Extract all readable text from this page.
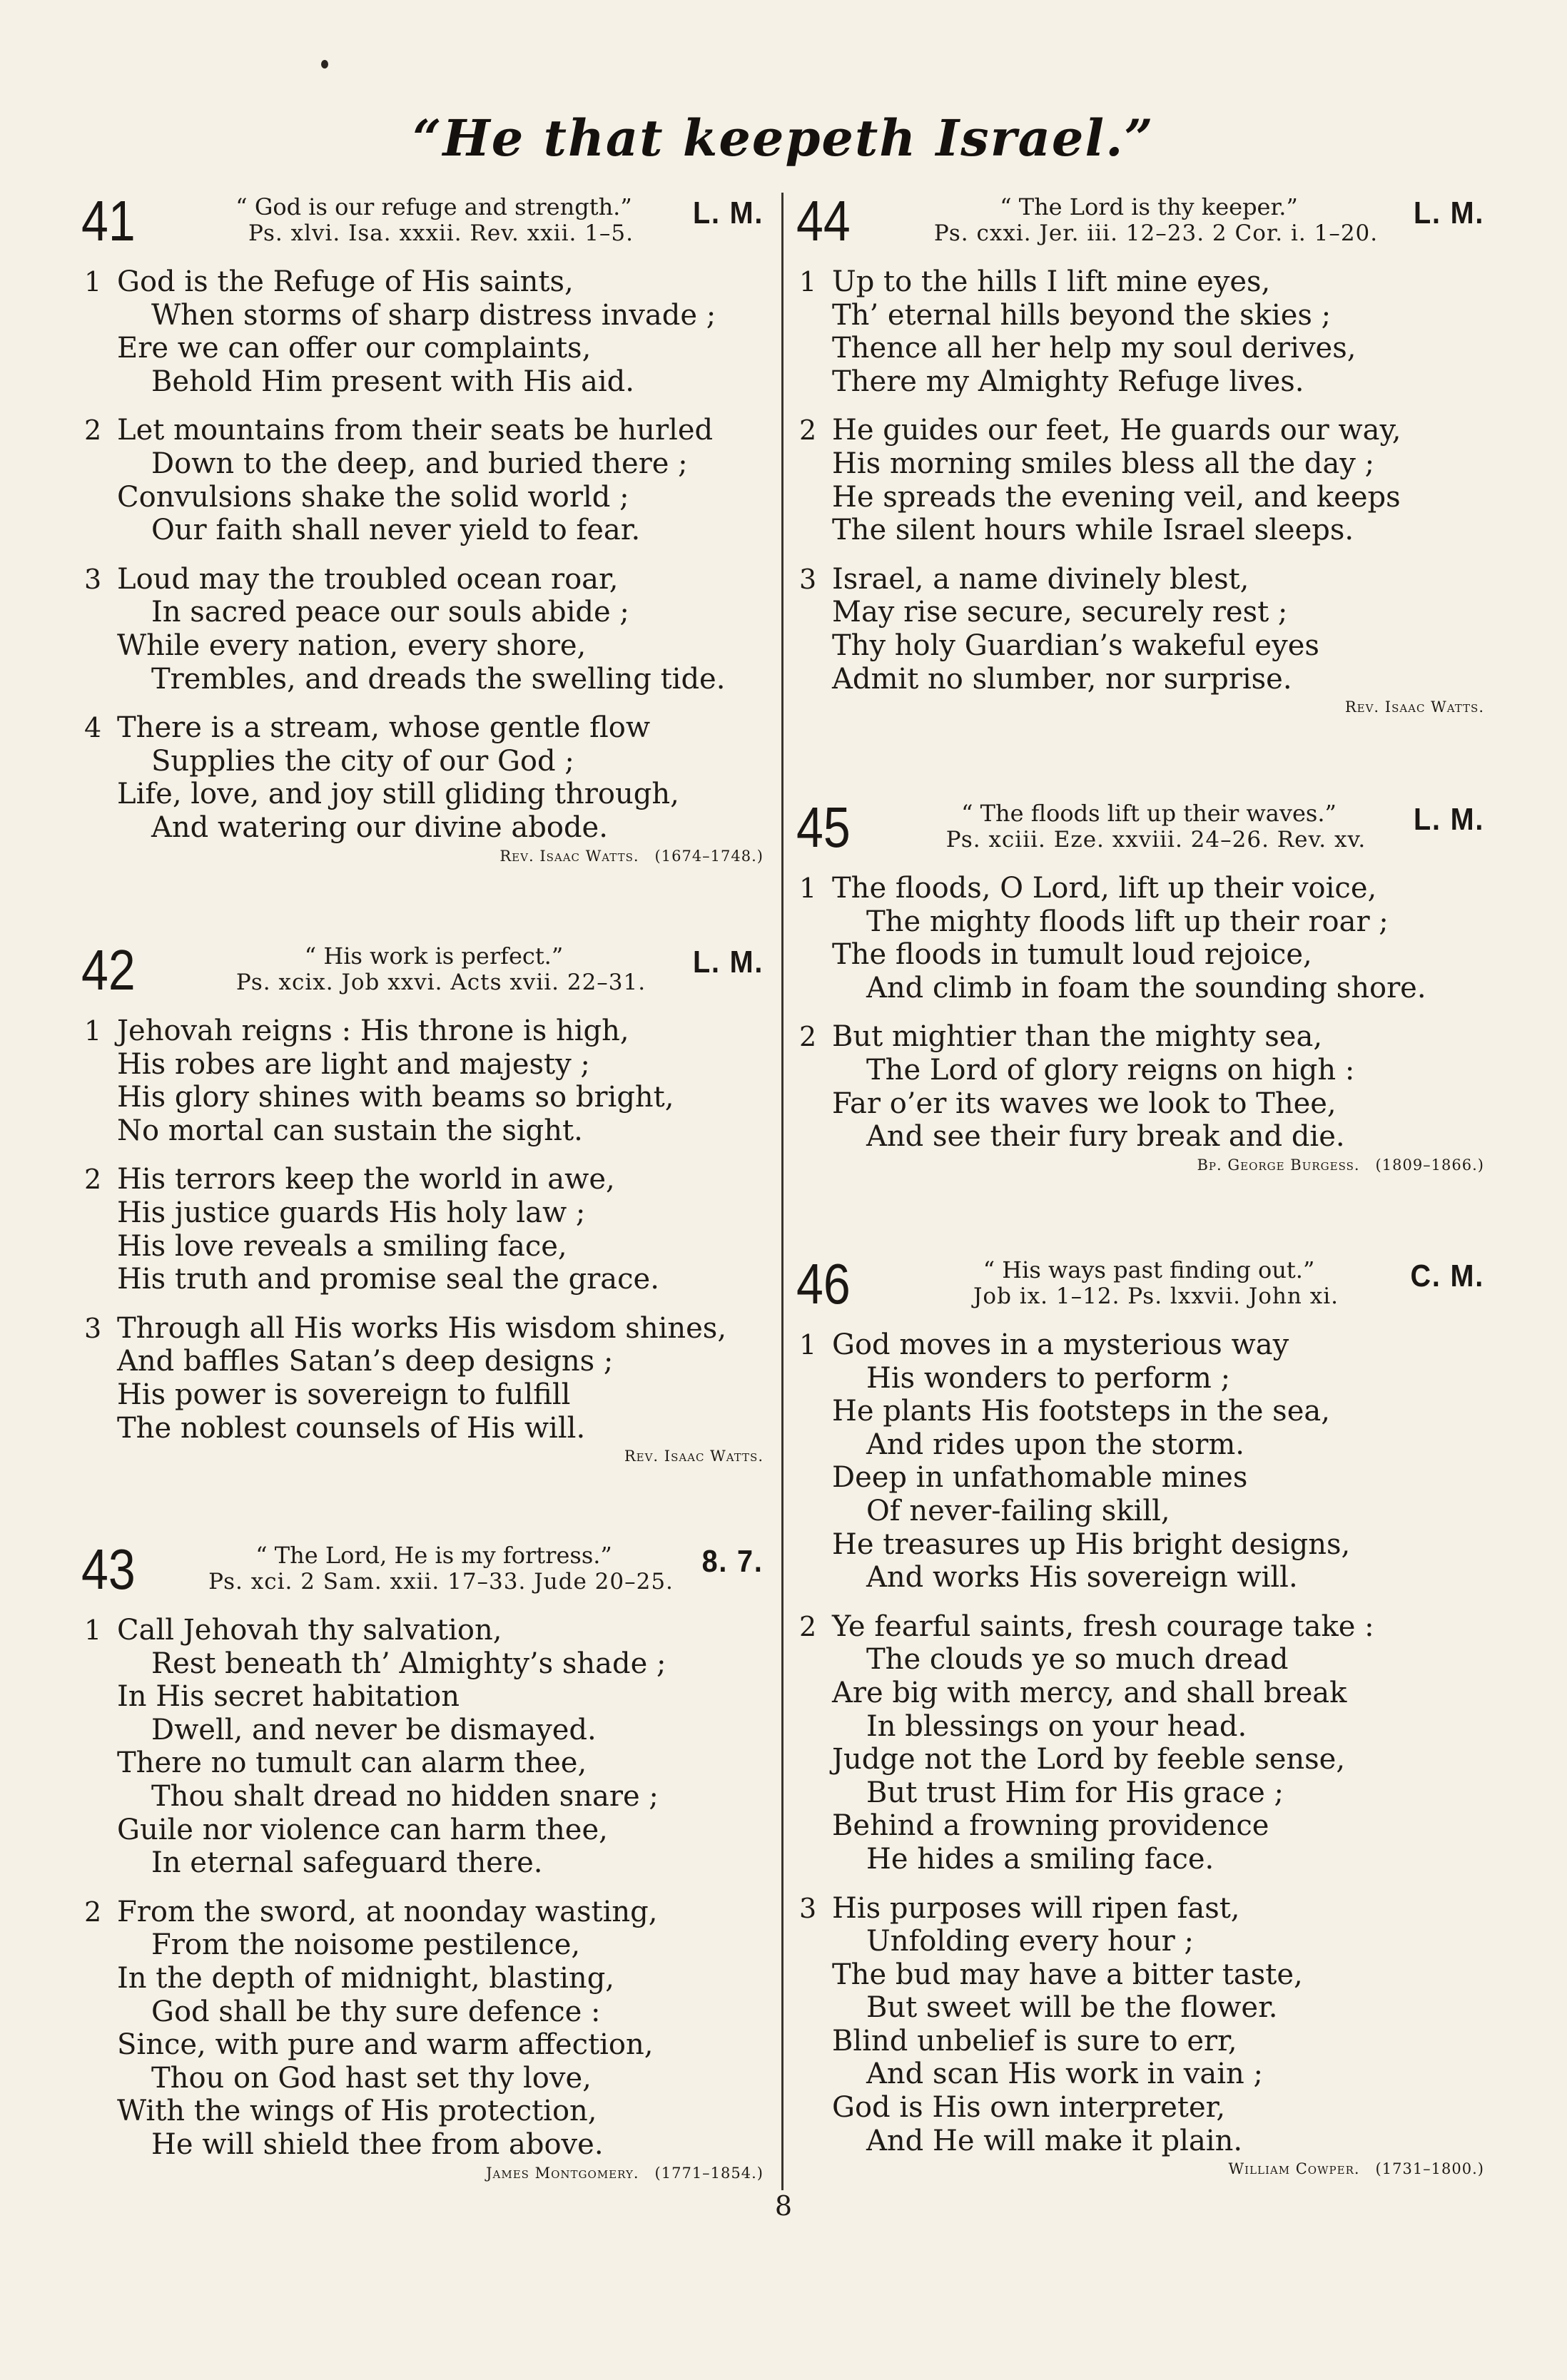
“He that keepeth Israel.”
41	“ God is our refuge and strength.”
Ps. xlvi. Isa. xxxii. Rev. xxii. 1–5.
L. M.
1 God is the Refuge of His saints,
When storms of sharp distress invade ;
Ere we can offer our complaints,
Behold Him present with His aid.
2 Let mountains from their seats be hurled
Down to the deep, and buried there ;
Convulsions shake the solid world ;
Our faith shall never yield to fear.
3 Loud may the troubled ocean roar,
In sacred peace our souls abide ;
While every nation, every shore,
Trembles, and dreads the swelling tide.
4 There is a stream, whose gentle flow
Supplies the city of our God ;
Life, love, and joy still gliding through,
And watering our divine abode.
Rev. Isaac Watts. (1674–1748.)
42	“ His work is perfect.”
Ps. xcix. Job xxvi. Acts xvii. 22–31.
L. M.
1 Jehovah reigns : His throne is high,
His robes are light and majesty ;
His glory shines with beams so bright,
No mortal can sustain the sight.
2 His terrors keep the world in awe,
His justice guards His holy law ;
His love reveals a smiling face,
His truth and promise seal the grace.
3 Through all His works His wisdom shines,
And baffles Satan’s deep designs ;
His power is sovereign to fulfill
The noblest counsels of His will.
Rev. Isaac Watts.
43	“ The Lord, He is my fortress.”
Ps. xci. 2 Sam. xxii. 17–33. Jude 20–25.
8. 7.
1 Call Jehovah thy salvation,
Rest beneath th’ Almighty’s shade ;
In His secret habitation
Dwell, and never be dismayed.
There no tumult can alarm thee,
Thou shalt dread no hidden snare ;
Guile nor violence can harm thee,
In eternal safeguard there.
2 From the sword, at noonday wasting,
From the noisome pestilence,
In the depth of midnight, blasting,
God shall be thy sure defence :
Since, with pure and warm affection,
Thou on God hast set thy love,
With the wings of His protection,
He will shield thee from above.
James Montgomery. (1771–1854.)
44	“ The Lord is thy keeper.”
Ps. cxxi. Jer. iii. 12–23. 2 Cor. i. 1–20.
L. M.
1 Up to the hills I lift mine eyes,
Th’ eternal hills beyond the skies ;
Thence all her help my soul derives,
There my Almighty Refuge lives.
2 He guides our feet, He guards our way,
His morning smiles bless all the day ;
He spreads the evening veil, and keeps
The silent hours while Israel sleeps.
3 Israel, a name divinely blest,
May rise secure, securely rest ;
Thy holy Guardian’s wakeful eyes
Admit no slumber, nor surprise.
Rev. Isaac Watts.
45	“ The floods lift up their waves.”
Ps. xciii. Eze. xxviii. 24–26. Rev. xv.
L. M.
1 The floods, O Lord, lift up their voice,
The mighty floods lift up their roar ;
The floods in tumult loud rejoice,
And climb in foam the sounding shore.
2 But mightier than the mighty sea,
The Lord of glory reigns on high :
Far o’er its waves we look to Thee,
And see their fury break and die.
Bp. George Burgess. (1809–1866.)
46	“ His ways past finding out.”
Job ix. 1–12. Ps. lxxvii. John xi.
C. M.
1 God moves in a mysterious way
His wonders to perform ;
He plants His footsteps in the sea,
And rides upon the storm.
Deep in unfathomable mines
Of never-failing skill,
He treasures up His bright designs,
And works His sovereign will.
2 Ye fearful saints, fresh courage take :
The clouds ye so much dread
Are big with mercy, and shall break
In blessings on your head.
Judge not the Lord by feeble sense,
But trust Him for His grace ;
Behind a frowning providence
He hides a smiling face.
3 His purposes will ripen fast,
Unfolding every hour ;
The bud may have a bitter taste,
But sweet will be the flower.
Blind unbelief is sure to err,
And scan His work in vain ;
God is His own interpreter,
And He will make it plain.
William Cowper. (1731–1800.)
8
